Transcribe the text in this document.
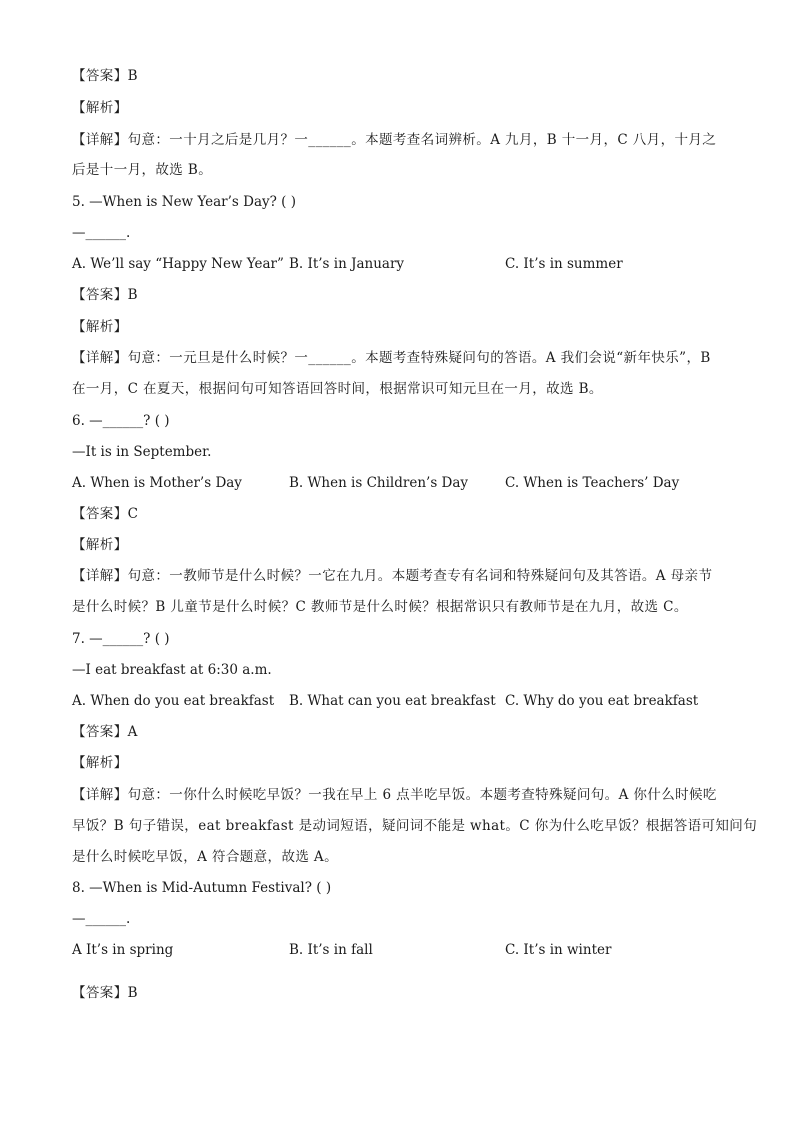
【答案】B
【解析】
【详解】句意：一十月之后是几月？一______。本题考查名词辨析。A 九月，B 十一月，C 八月，十月之
后是十一月，故选 B。
5. —When is New Year’s Day? ( )
—______.
A. We’ll say “Happy New Year” B. It’s in January	C. It’s in summer
【答案】B
【解析】
【详解】句意：一元旦是什么时候？一______。本题考查特殊疑问句的答语。A 我们会说“新年快乐”，B
在一月，C 在夏天，根据问句可知答语回答时间，根据常识可知元旦在一月，故选 B。
6. —______? ( )
—It is in September.
A. When is Mother’s Day	B. When is Children’s Day	C. When is Teachers’ Day
【答案】C
【解析】
【详解】句意：一教师节是什么时候？一它在九月。本题考查专有名词和特殊疑问句及其答语。A 母亲节
是什么时候？B 儿童节是什么时候？C 教师节是什么时候？根据常识只有教师节是在九月，故选 C。
7. —______? ( )
—I eat breakfast at 6:30 a.m.
A. When do you eat breakfast B. What can you eat breakfast C. Why do you eat breakfast
【答案】A
【解析】
【详解】句意：一你什么时候吃早饭？一我在早上 6 点半吃早饭。本题考查特殊疑问句。A 你什么时候吃
早饭？B 句子错误，eat breakfast 是动词短语，疑问词不能是 what。C 你为什么吃早饭？根据答语可知问句
是什么时候吃早饭，A 符合题意，故选 A。
8. —When is Mid-Autumn Festival? ( )
—______.
A It’s in spring	B. It’s in fall	C. It’s in winter
【答案】B
